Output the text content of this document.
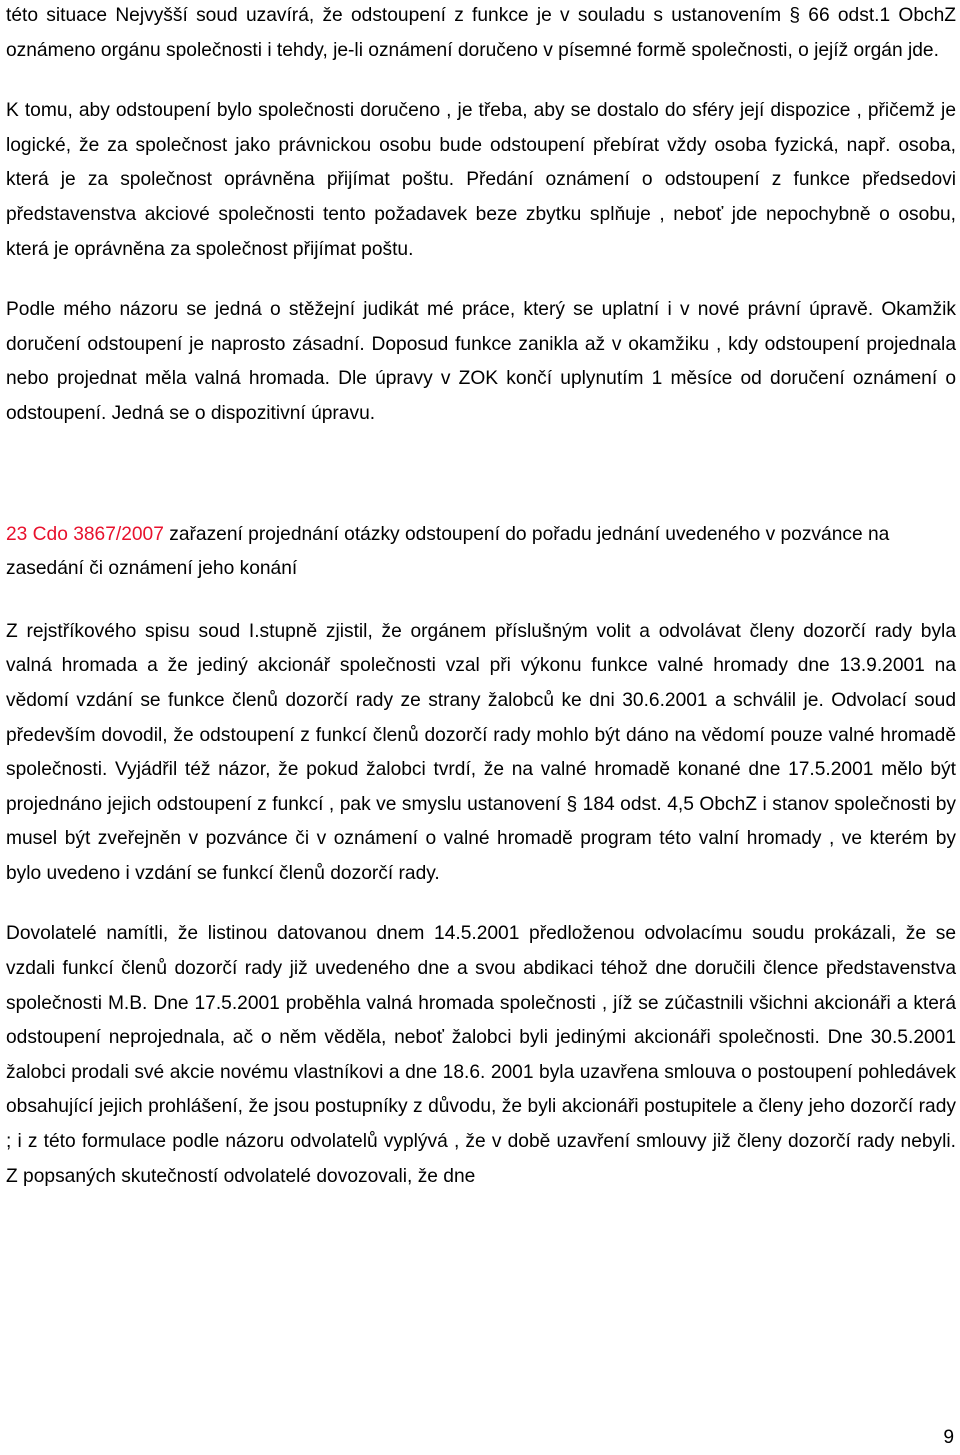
této situace Nejvyšší soud uzavírá, že odstoupení z funkce je v souladu s ustanovením § 66 odst.1 ObchZ oznámeno orgánu společnosti i tehdy, je-li oznámení doručeno v písemné formě společnosti, o jejíž orgán jde.

K tomu, aby odstoupení bylo společnosti doručeno , je třeba, aby se dostalo do sféry její dispozice , přičemž je logické, že za společnost jako právnickou osobu bude odstoupení přebírat vždy osoba fyzická, např. osoba, která je za společnost oprávněna přijímat poštu. Předání oznámení o odstoupení z funkce předsedovi představenstva akciové společnosti tento požadavek beze zbytku splňuje , neboť jde nepochybně o osobu, která je oprávněna za společnost přijímat poštu.

Podle mého názoru se jedná o stěžejní judikát mé práce, který se uplatní i v nové právní úpravě. Okamžik doručení odstoupení je naprosto zásadní. Doposud funkce zanikla až v okamžiku , kdy odstoupení projednala nebo projednat měla valná hromada. Dle úpravy v ZOK končí uplynutím 1 měsíce od doručení oznámení o odstoupení. Jedná se o dispozitivní úpravu.

23 Cdo 3867/2007 zařazení projednání otázky odstoupení do pořadu jednání uvedeného v pozvánce na zasedání či oznámení jeho konání

Z rejstříkového spisu soud I.stupně zjistil, že orgánem příslušným volit a odvolávat členy dozorčí rady byla valná hromada a že jediný akcionář společnosti vzal při výkonu funkce valné hromady dne 13.9.2001 na vědomí vzdání se funkce členů dozorčí rady ze strany žalobců ke dni 30.6.2001 a schválil je. Odvolací soud především dovodil, že odstoupení z funkcí členů dozorčí rady mohlo být dáno na vědomí pouze valné hromadě společnosti. Vyjádřil též názor, že pokud žalobci tvrdí, že na valné hromadě konané dne 17.5.2001 mělo být projednáno jejich odstoupení z funkcí , pak ve smyslu ustanovení § 184 odst. 4,5 ObchZ i stanov společnosti by musel být zveřejněn v pozvánce či v oznámení o valné hromadě program této valní hromady , ve kterém by bylo uvedeno i vzdání se funkcí členů dozorčí rady.

Dovolatelé namítli, že listinou datovanou dnem 14.5.2001 předloženou odvolacímu soudu prokázali, že se vzdali funkcí členů dozorčí rady již uvedeného dne a svou abdikaci téhož dne doručili člence představenstva společnosti M.B. Dne 17.5.2001 proběhla valná hromada společnosti , jíž se zúčastnili všichni akcionáři a která odstoupení neprojednala, ač o něm věděla, neboť žalobci byli jedinými akcionáři společnosti. Dne 30.5.2001 žalobci prodali své akcie novému vlastníkovi a dne 18.6. 2001 byla uzavřena smlouva o postoupení pohledávek obsahující jejich prohlášení, že jsou postupníky z důvodu, že byli akcionáři postupitele a členy jeho dozorčí rady ; i z této formulace podle názoru odvolatelů vyplývá , že v době uzavření smlouvy již členy dozorčí rady nebyli. Z popsaných skutečností odvolatelé dovozovali, že dne

9
